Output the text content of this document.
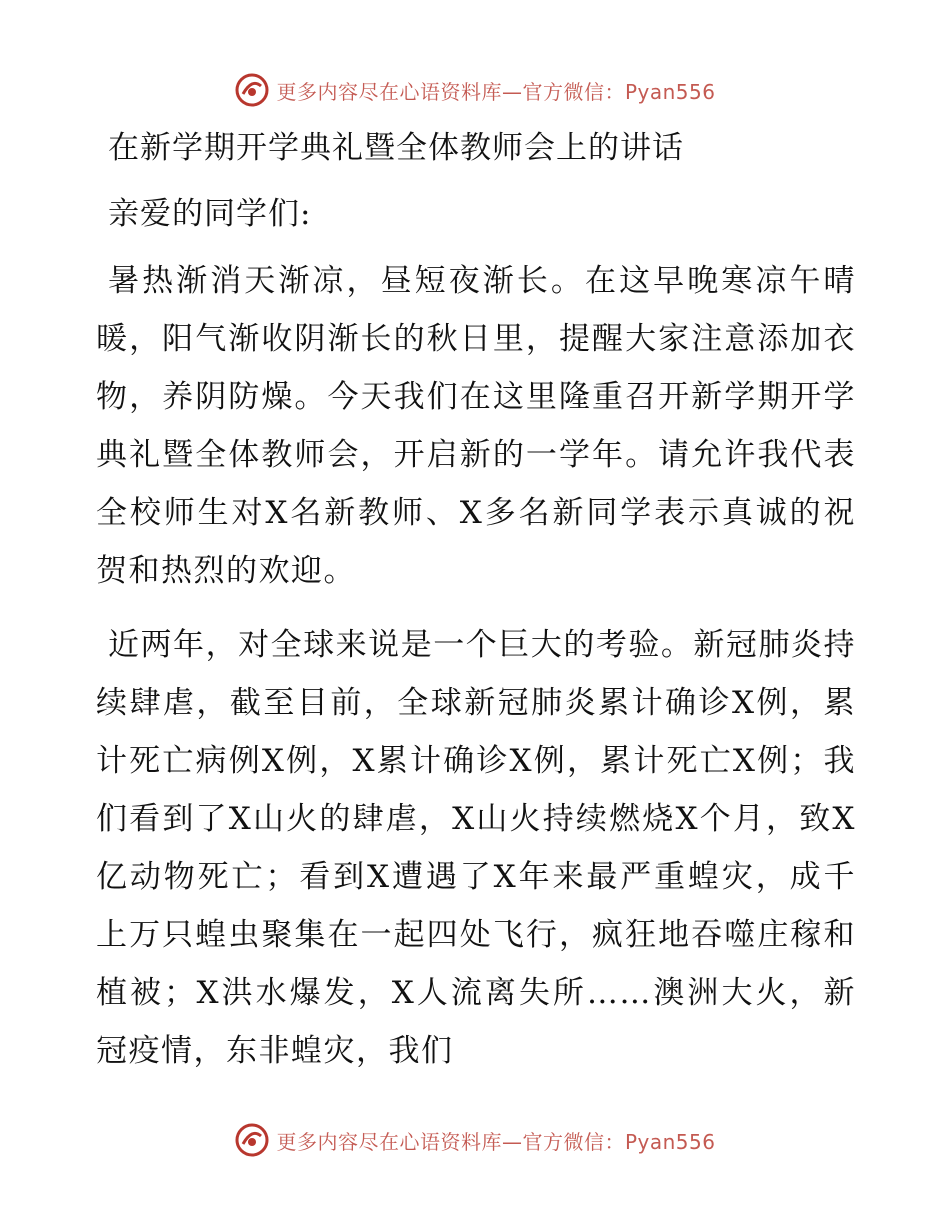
更多内容尽在心语资料库—官方微信：Pyan556
在新学期开学典礼暨全体教师会上的讲话
亲爱的同学们:

暑热渐消天渐凉，昼短夜渐长。在这早晚寒凉午晴暖，阳气渐收阴渐长的秋日里，提醒大家注意添加衣物，养阴防燥。今天我们在这里隆重召开新学期开学典礼暨全体教师会，开启新的一学年。请允许我代表全校师生对X名新教师、X多名新同学表示真诚的祝贺和热烈的欢迎。

近两年，对全球来说是一个巨大的考验。新冠肺炎持续肆虐，截至目前，全球新冠肺炎累计确诊X例，累计死亡病例X例，X累计确诊X例，累计死亡X例；我们看到了X山火的肆虐，X山火持续燃烧X个月，致X亿动物死亡；看到X遭遇了X年来最严重蝗灾，成千上万只蝗虫聚集在一起四处飞行，疯狂地吞噬庄稼和植被；X洪水爆发，X人流离失所……澳洲大火，新冠疫情，东非蝗灾，我们

更多内容尽在心语资料库—官方微信：Pyan556
